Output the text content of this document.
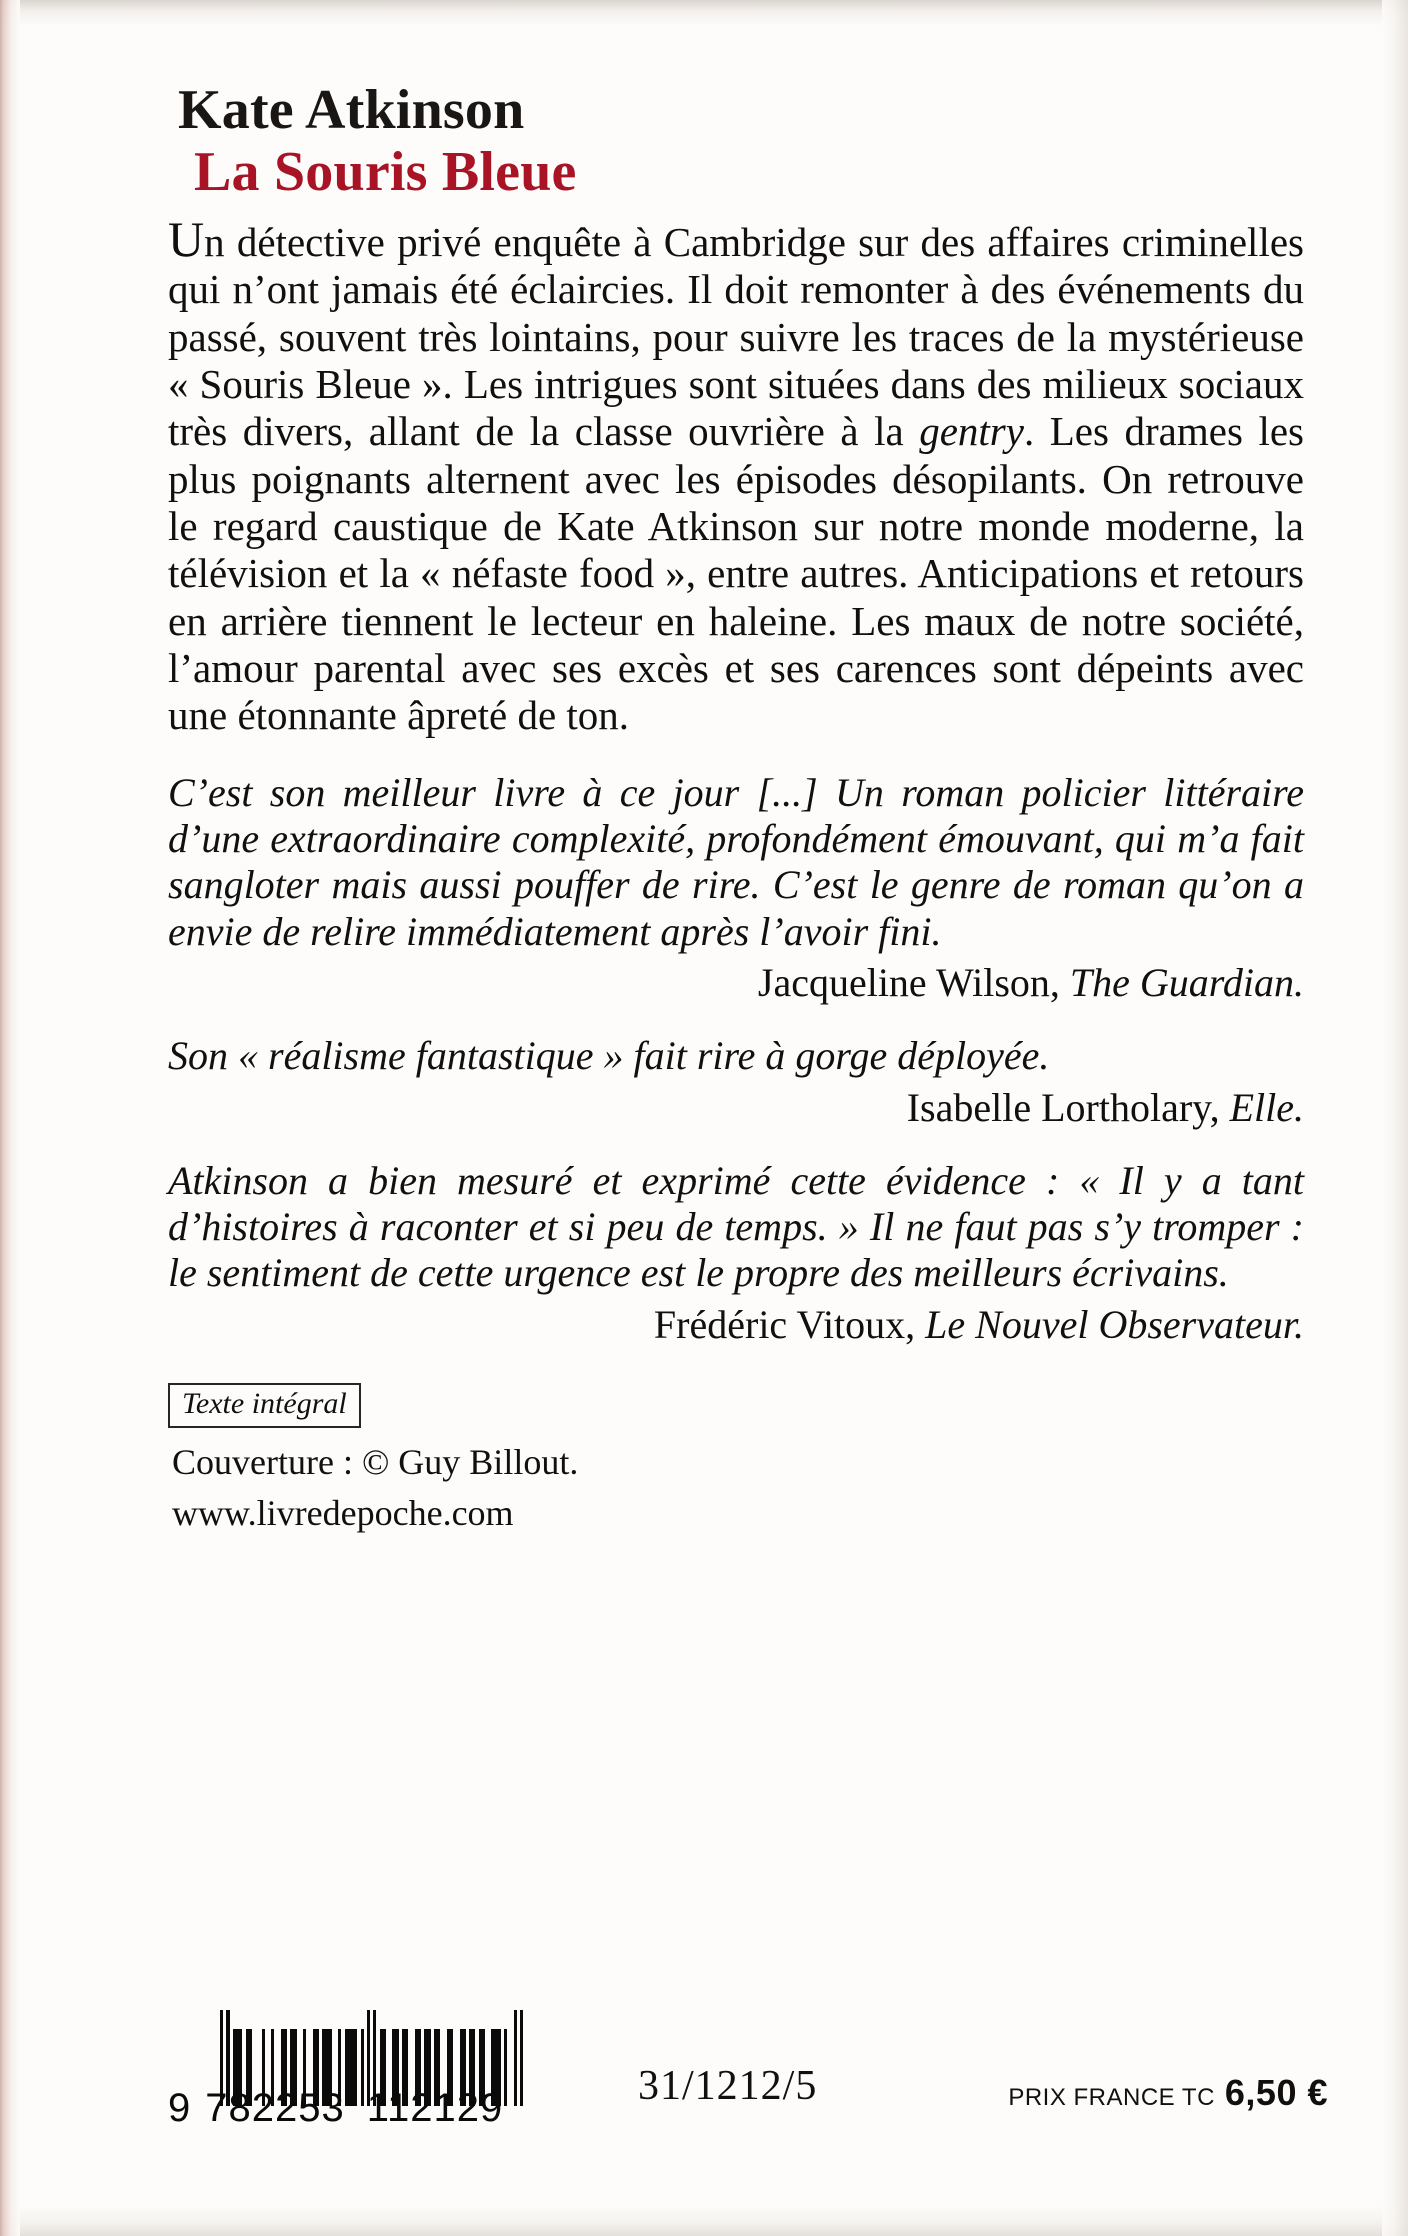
Kate Atkinson
La Souris Bleue

Un détective privé enquête à Cambridge sur des affaires criminelles qui n’ont jamais été éclaircies. Il doit remonter à des événements du passé, souvent très lointains, pour suivre les traces de la mystérieuse « Souris Bleue ». Les intrigues sont situées dans des milieux sociaux très divers, allant de la classe ouvrière à la gentry. Les drames les plus poignants alternent avec les épisodes désopilants. On retrouve le regard caustique de Kate Atkinson sur notre monde moderne, la télévision et la « néfaste food », entre autres. Anticipations et retours en arrière tiennent le lecteur en haleine. Les maux de notre société, l’amour parental avec ses excès et ses carences sont dépeints avec une étonnante âpreté de ton.

C’est son meilleur livre à ce jour [...] Un roman policier littéraire d’une extraordinaire complexité, profondément émouvant, qui m’a fait sangloter mais aussi pouffer de rire. C’est le genre de roman qu’on a envie de relire immédiatement après l’avoir fini.

Jacqueline Wilson, The Guardian.

Son « réalisme fantastique » fait rire à gorge déployée.

Isabelle Lortholary, Elle.

Atkinson a bien mesuré et exprimé cette évidence : « Il y a tant d’histoires à raconter et si peu de temps. » Il ne faut pas s’y tromper : le sentiment de cette urgence est le propre des meilleurs écrivains.

Frédéric Vitoux, Le Nouvel Observateur.

Texte intégral
Couverture : © Guy Billout.
www.livredepoche.com
9 782253 112129	31/1212/5	PRIX FRANCE TC 6,50 €
